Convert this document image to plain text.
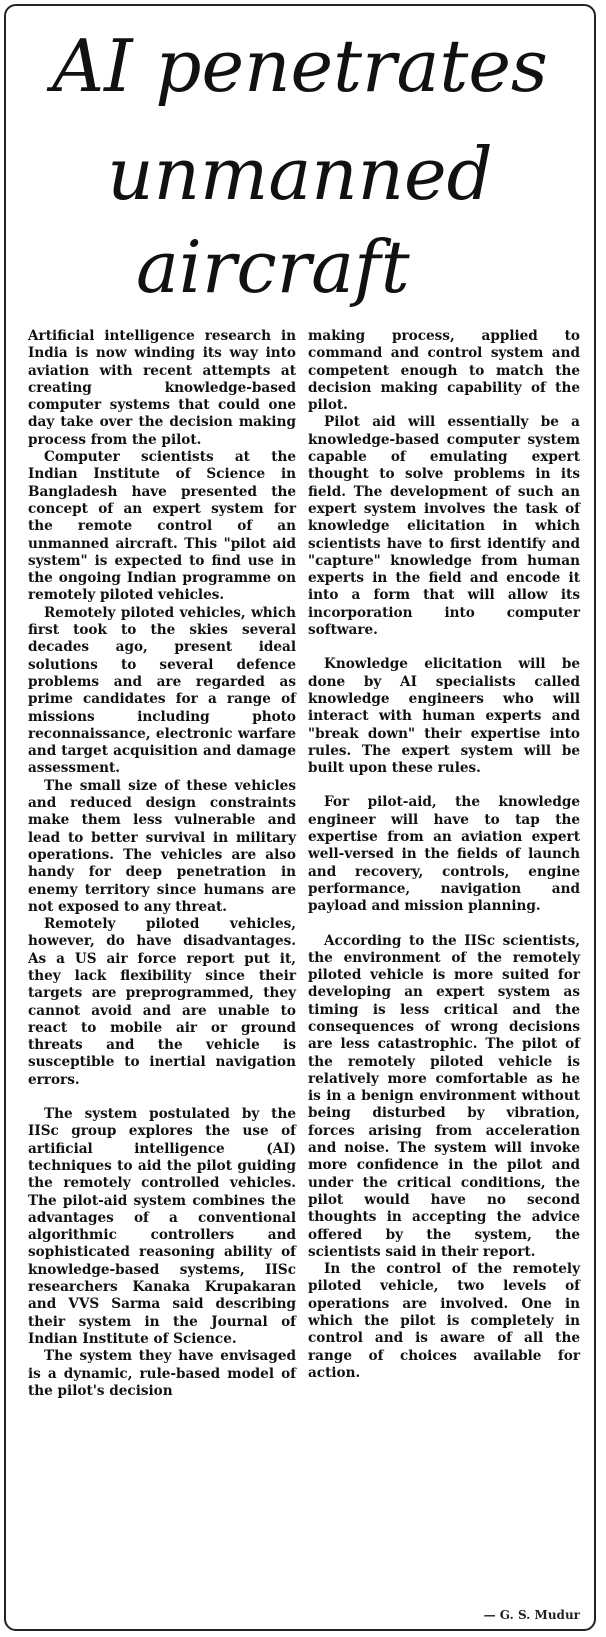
AI penetrates
unmanned
aircraft

Artificial intelligence research in India is now winding its way into aviation with recent attempts at creating knowledge-based computer systems that could one day take over the decision making process from the pilot.

Computer scientists at the Indian Institute of Science in Bangladesh have presented the concept of an expert system for the remote control of an unmanned aircraft. This "pilot aid system" is expected to find use in the ongoing Indian programme on remotely piloted vehicles.

Remotely piloted vehicles, which first took to the skies several decades ago, present ideal solutions to several defence problems and are regarded as prime candidates for a range of missions including photo reconnaissance, electronic warfare and target acquisition and damage assessment.

The small size of these vehicles and reduced design constraints make them less vulnerable and lead to better survival in military operations. The vehicles are also handy for deep penetration in enemy territory since humans are not exposed to any threat.

Remotely piloted vehicles, however, do have disadvantages. As a US air force report put it, they lack flexibility since their targets are preprogrammed, they cannot avoid and are unable to react to mobile air or ground threats and the vehicle is susceptible to inertial navigation errors.

The system postulated by the IISc group explores the use of artificial intelligence (AI) techniques to aid the pilot guiding the remotely controlled vehicles. The pilot-aid system combines the advantages of a conventional algorithmic controllers and sophisticated reasoning ability of knowledge-based systems, IISc researchers Kanaka Krupakaran and VVS Sarma said describing their system in the Journal of Indian Institute of Science.

The system they have envisaged is a dynamic, rule-based model of the pilot's decision

making process, applied to command and control system and competent enough to match the decision making capability of the pilot.

Pilot aid will essentially be a knowledge-based computer system capable of emulating expert thought to solve problems in its field. The development of such an expert system involves the task of knowledge elicitation in which scientists have to first identify and "capture" knowledge from human experts in the field and encode it into a form that will allow its incorporation into computer software.

Knowledge elicitation will be done by AI specialists called knowledge engineers who will interact with human experts and "break down" their expertise into rules. The expert system will be built upon these rules.

For pilot-aid, the knowledge engineer will have to tap the expertise from an aviation expert well-versed in the fields of launch and recovery, controls, engine performance, navigation and payload and mission planning.

According to the IISc scientists, the environment of the remotely piloted vehicle is more suited for developing an expert system as timing is less critical and the consequences of wrong decisions are less catastrophic. The pilot of the remotely piloted vehicle is relatively more comfortable as he is in a benign environment without being disturbed by vibration, forces arising from acceleration and noise. The system will invoke more confidence in the pilot and under the critical conditions, the pilot would have no second thoughts in accepting the advice offered by the system, the scientists said in their report.

In the control of the remotely piloted vehicle, two levels of operations are involved. One in which the pilot is completely in control and is aware of all the range of choices available for action.

— G. S. Mudur
